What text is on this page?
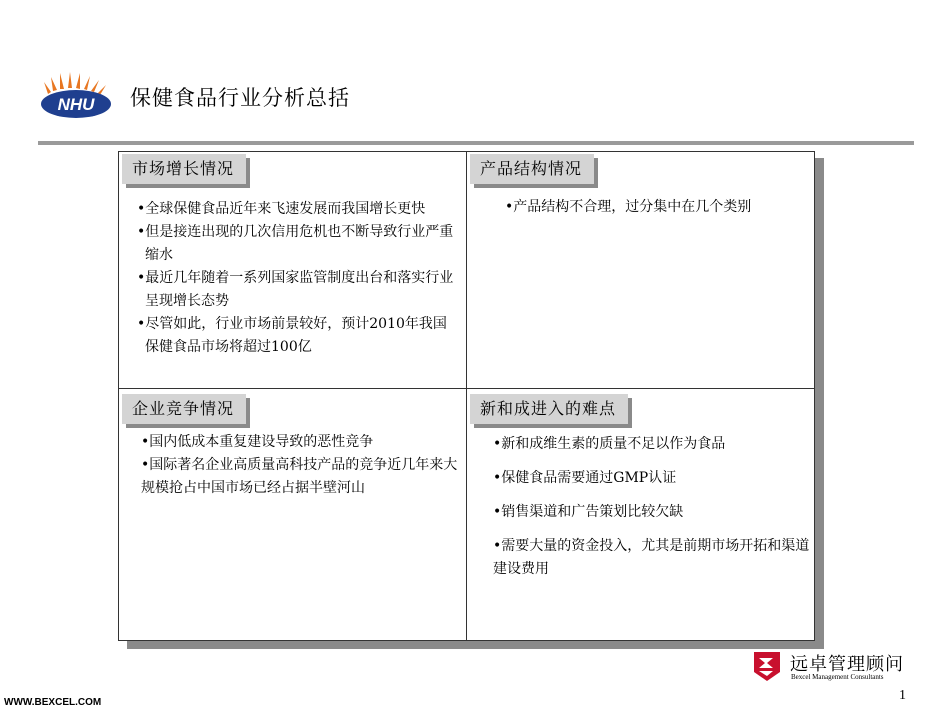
NHU 保健食品行业分析总括
市场增长情况
•全球保健食品近年来飞速发展而我国增长更快
•但是接连出现的几次信用危机也不断导致行业严重缩水
•最近几年随着一系列国家监管制度出台和落实行业呈现增长态势
•尽管如此，行业市场前景较好，预计2010年我国保健食品市场将超过100亿
产品结构情况
•产品结构不合理，过分集中在几个类别
企业竞争情况
•国内低成本重复建设导致的恶性竞争
•国际著名企业高质量高科技产品的竞争近几年来大规模抢占中国市场已经占据半壁河山
新和成进入的难点
•新和成维生素的质量不足以作为食品
•保健食品需要通过GMP认证
•销售渠道和广告策划比较欠缺
•需要大量的资金投入，尤其是前期市场开拓和渠道建设费用
远卓管理顾问
Bexcel Management Consultants
WWW.BEXCEL.COM	1
